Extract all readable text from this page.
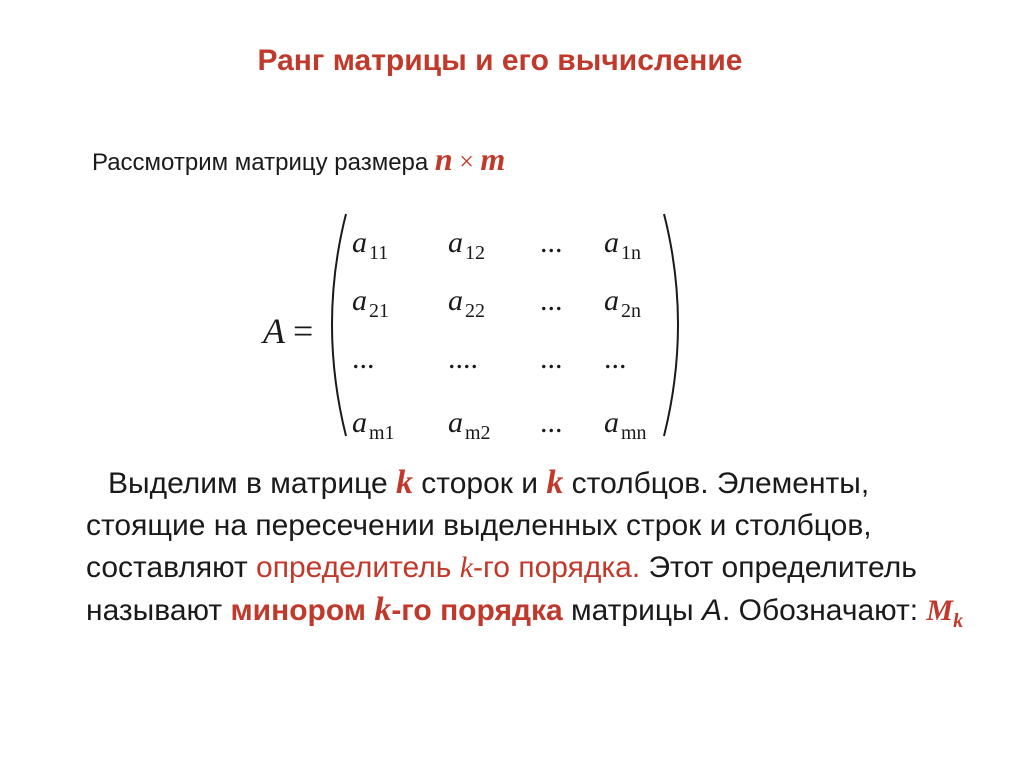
Ранг матрицы и его вычисление
Рассмотрим матрицу размера n × m
A =
a $_{11}$ a $_{12}$ ... a $_{1n}$
a $_{21}$ a $_{22}$ ... a $_{2n}$
... .... ... ...
a $_{m1}$ a $_{m2}$ ... a $_{mn}$
Выделим в матрице k сторок и k столбцов. Элементы, стоящие на пересечении выделенных строк и столбцов, составляют определитель k-го порядка. Этот определитель называют минором k-го порядка матрицы A. Обозначают: $M_k$
